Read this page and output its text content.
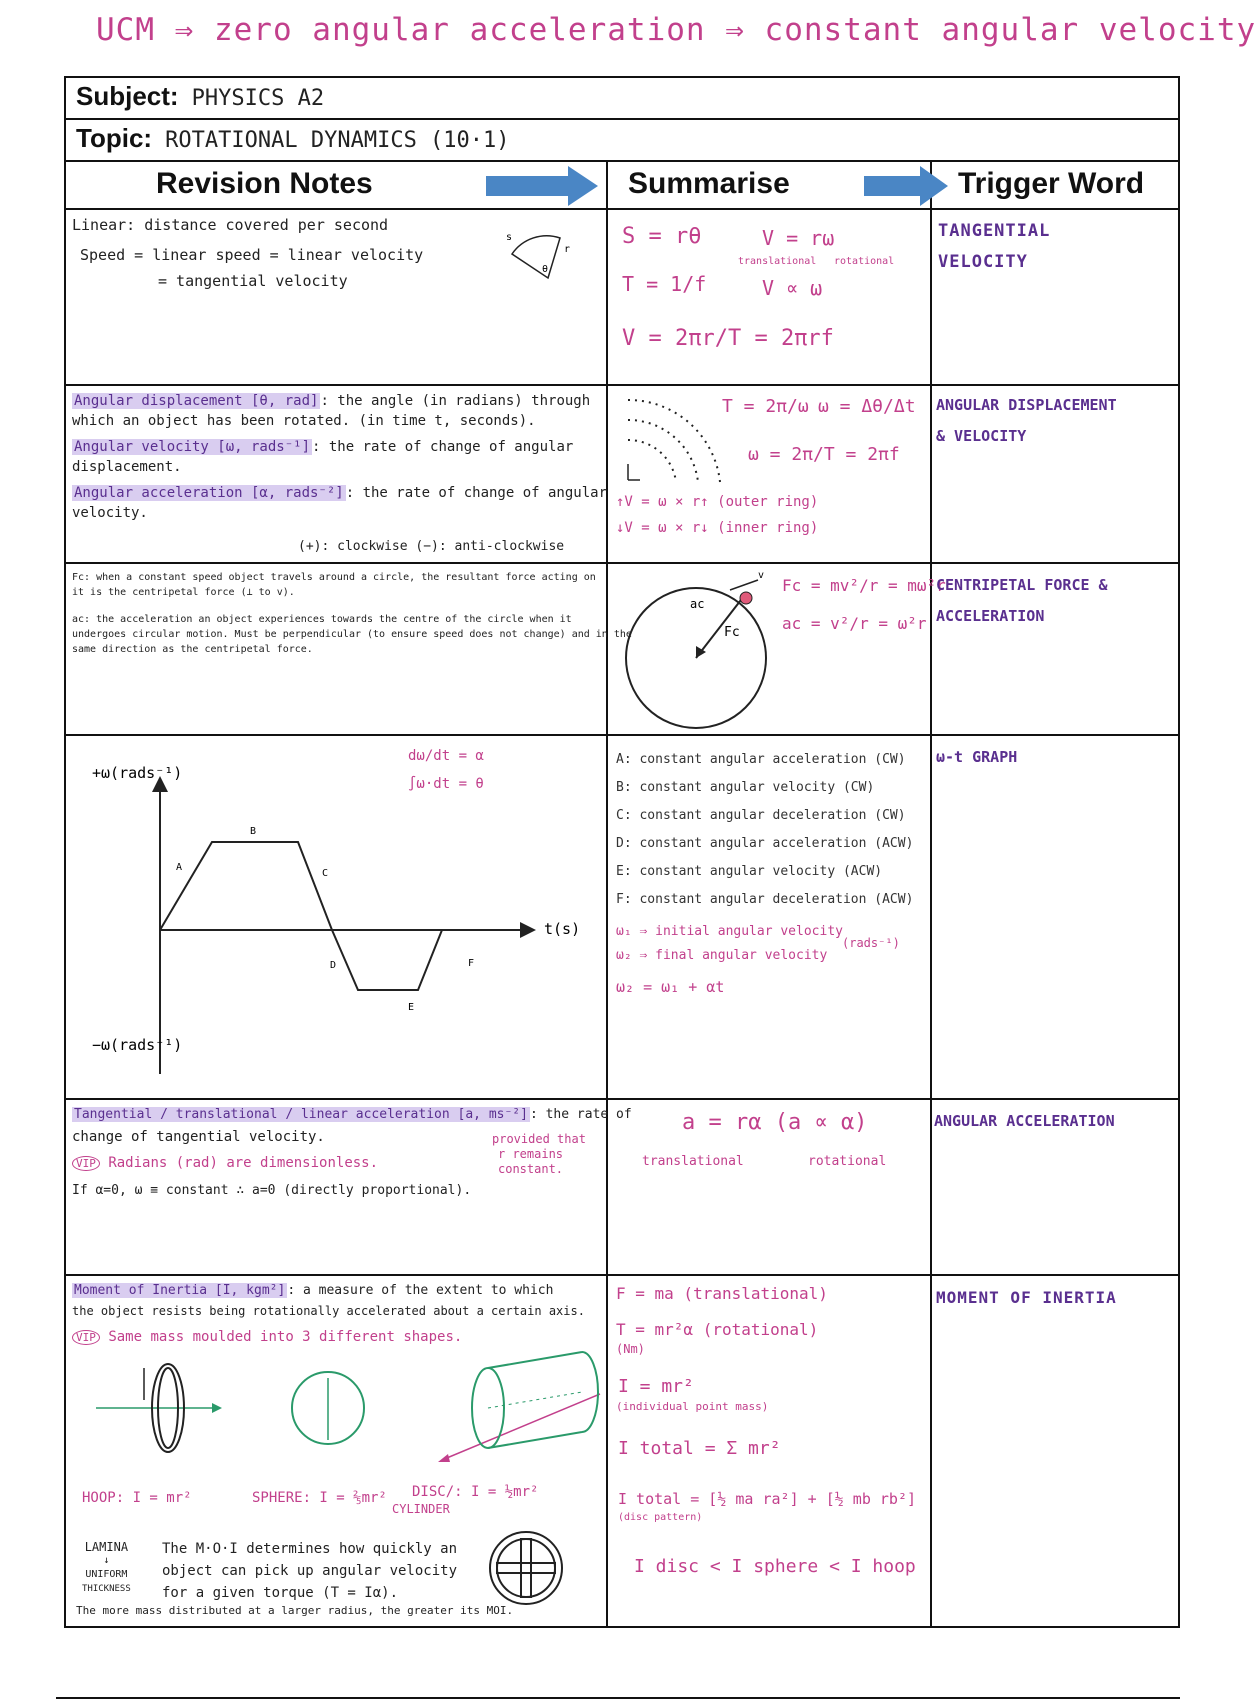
UCM ⇒ zero angular acceleration ⇒ constant angular velocity
Subject: PHYSICS A2
Topic: ROTATIONAL DYNAMICS (10·1)
Revision Notes	Summarise	Trigger Word
Linear: distance covered per second
Speed = linear speed = linear velocity
= tangential velocity
s
r
θ
S = rθ
T = 1/f
V = 2πr/T = 2πrf
V = rω
translational rotational
V ∝ ω
TANGENTIAL
VELOCITY
Angular displacement [θ, rad] : the angle (in radians) through
which an object has been rotated. (in time t, seconds).
Angular velocity [ω, rads⁻¹] : the rate of change of angular
displacement.
Angular acceleration [α, rads⁻²] : the rate of change of angular
velocity.
(+): clockwise (−): anti-clockwise
T = 2π/ω ω = Δθ/Δt
ω = 2π/T = 2πf
↑V = ω × r↑ (outer ring)
↓V = ω × r↓ (inner ring)
ANGULAR DISPLACEMENT
& VELOCITY
Fc: when a constant speed object travels around a circle, the resultant force acting on
it is the centripetal force (⊥ to v).
ac: the acceleration an object experiences towards the centre of the circle when it
undergoes circular motion. Must be perpendicular (to ensure speed does not change) and in the
same direction as the centripetal force.
v
ac
Fc
Fc = mv²/r = mω²r
ac = v²/r = ω²r
CENTRIPETAL FORCE &
ACCELERATION
+ω(rads⁻¹)
−ω(rads⁻¹)
t(s)
A
B
C
D
E
F
dω/dt = α
∫ω·dt = θ
A: constant angular acceleration (CW)
B: constant angular velocity (CW)
C: constant angular deceleration (CW)
D: constant angular acceleration (ACW)
E: constant angular velocity (ACW)
F: constant angular deceleration (ACW)
ω₁ ⇒ initial angular velocity
ω₂ ⇒ final angular velocity
(rads⁻¹)
ω₂ = ω₁ + αt
ω-t GRAPH
Tangential / translational / linear acceleration [a, ms⁻²] : the rate of
change of tangential velocity.
VIP Radians (rad) are dimensionless.
If α=0, ω ≡ constant ∴ a=0 (directly proportional).
provided that
r remains
constant.
a = rα (a ∝ α)
translational	rotational
ANGULAR ACCELERATION
Moment of Inertia [I, kgm²] : a measure of the extent to which
the object resists being rotationally accelerated about a certain axis.
VIP Same mass moulded into 3 different shapes.
HOOP: I = mr²	SPHERE: I = ⅖mr² DISC/: I = ½mr²
CYLINDER
LAMINA
↓
UNIFORM
THICKNESS
The M·O·I determines how quickly an
object can pick up angular velocity
for a given torque (T = Iα).
The more mass distributed at a larger radius, the greater its MOI.
F = ma (translational)
T = mr²α (rotational)
(Nm)
I = mr²
(individual point mass)
I total = Σ mr²
I total = [½ ma ra²] + [½ mb rb²]
(disc pattern)
I disc < I sphere < I hoop
MOMENT OF INERTIA
